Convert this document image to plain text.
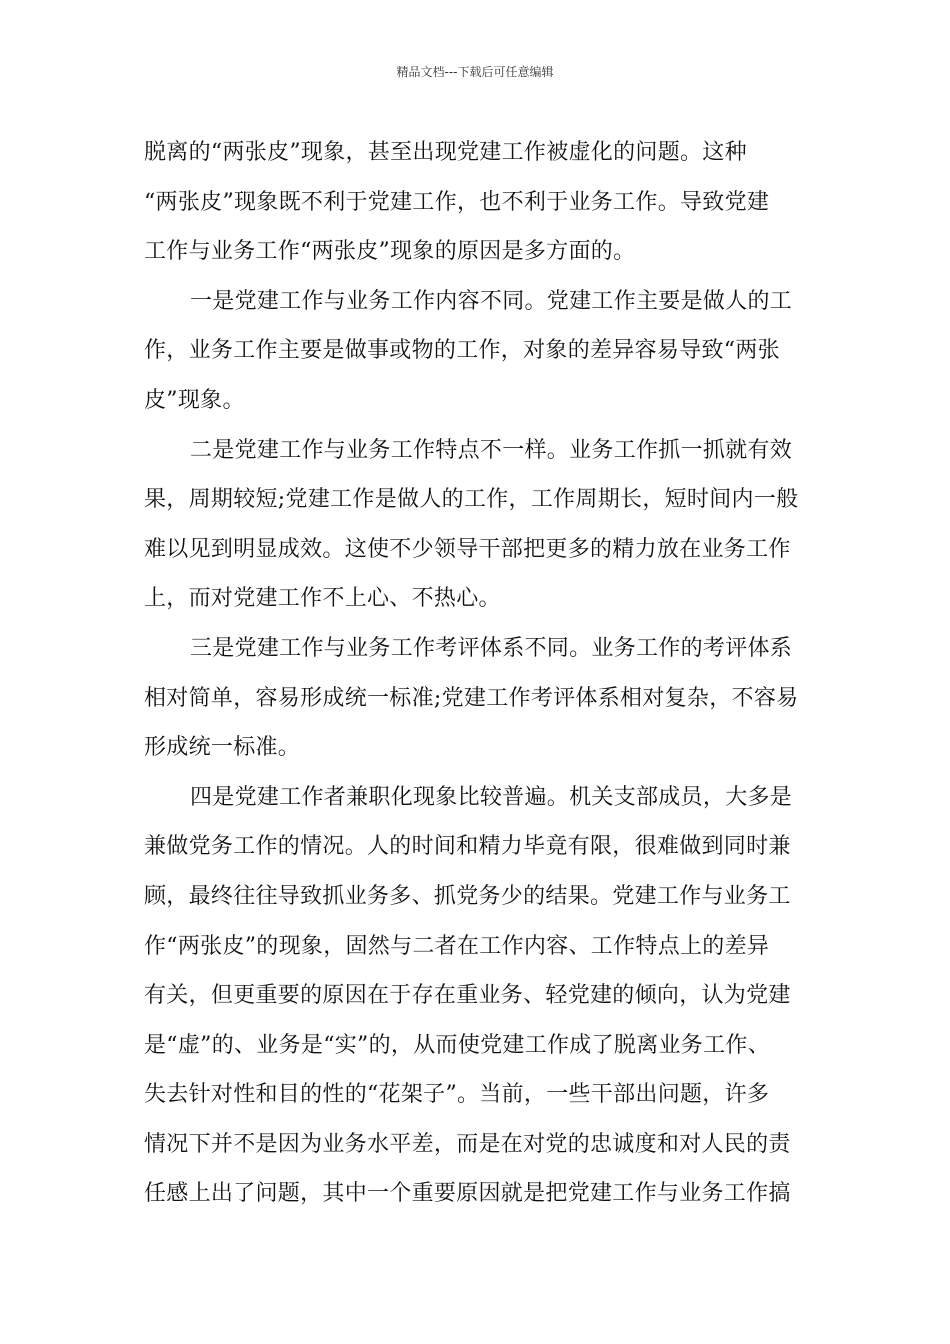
精品文档---下载后可任意编辑
脱离的“两张皮”现象，甚至出现党建工作被虚化的问题。这种
“两张皮”现象既不利于党建工作，也不利于业务工作。导致党建
工作与业务工作“两张皮”现象的原因是多方面的。
一是党建工作与业务工作内容不同。党建工作主要是做人的工
作，业务工作主要是做事或物的工作，对象的差异容易导致“两张
皮”现象。
二是党建工作与业务工作特点不一样。业务工作抓一抓就有效
果，周期较短;党建工作是做人的工作，工作周期长，短时间内一般
难以见到明显成效。这使不少领导干部把更多的精力放在业务工作
上，而对党建工作不上心、不热心。
三是党建工作与业务工作考评体系不同。业务工作的考评体系
相对简单，容易形成统一标准;党建工作考评体系相对复杂，不容易
形成统一标准。
四是党建工作者兼职化现象比较普遍。机关支部成员，大多是
兼做党务工作的情况。人的时间和精力毕竟有限，很难做到同时兼
顾，最终往往导致抓业务多、抓党务少的结果。党建工作与业务工
作“两张皮”的现象，固然与二者在工作内容、工作特点上的差异
有关，但更重要的原因在于存在重业务、轻党建的倾向，认为党建
是“虚”的、业务是“实”的，从而使党建工作成了脱离业务工作、
失去针对性和目的性的“花架子”。当前，一些干部出问题，许多
情况下并不是因为业务水平差，而是在对党的忠诚度和对人民的责
任感上出了问题，其中一个重要原因就是把党建工作与业务工作搞
